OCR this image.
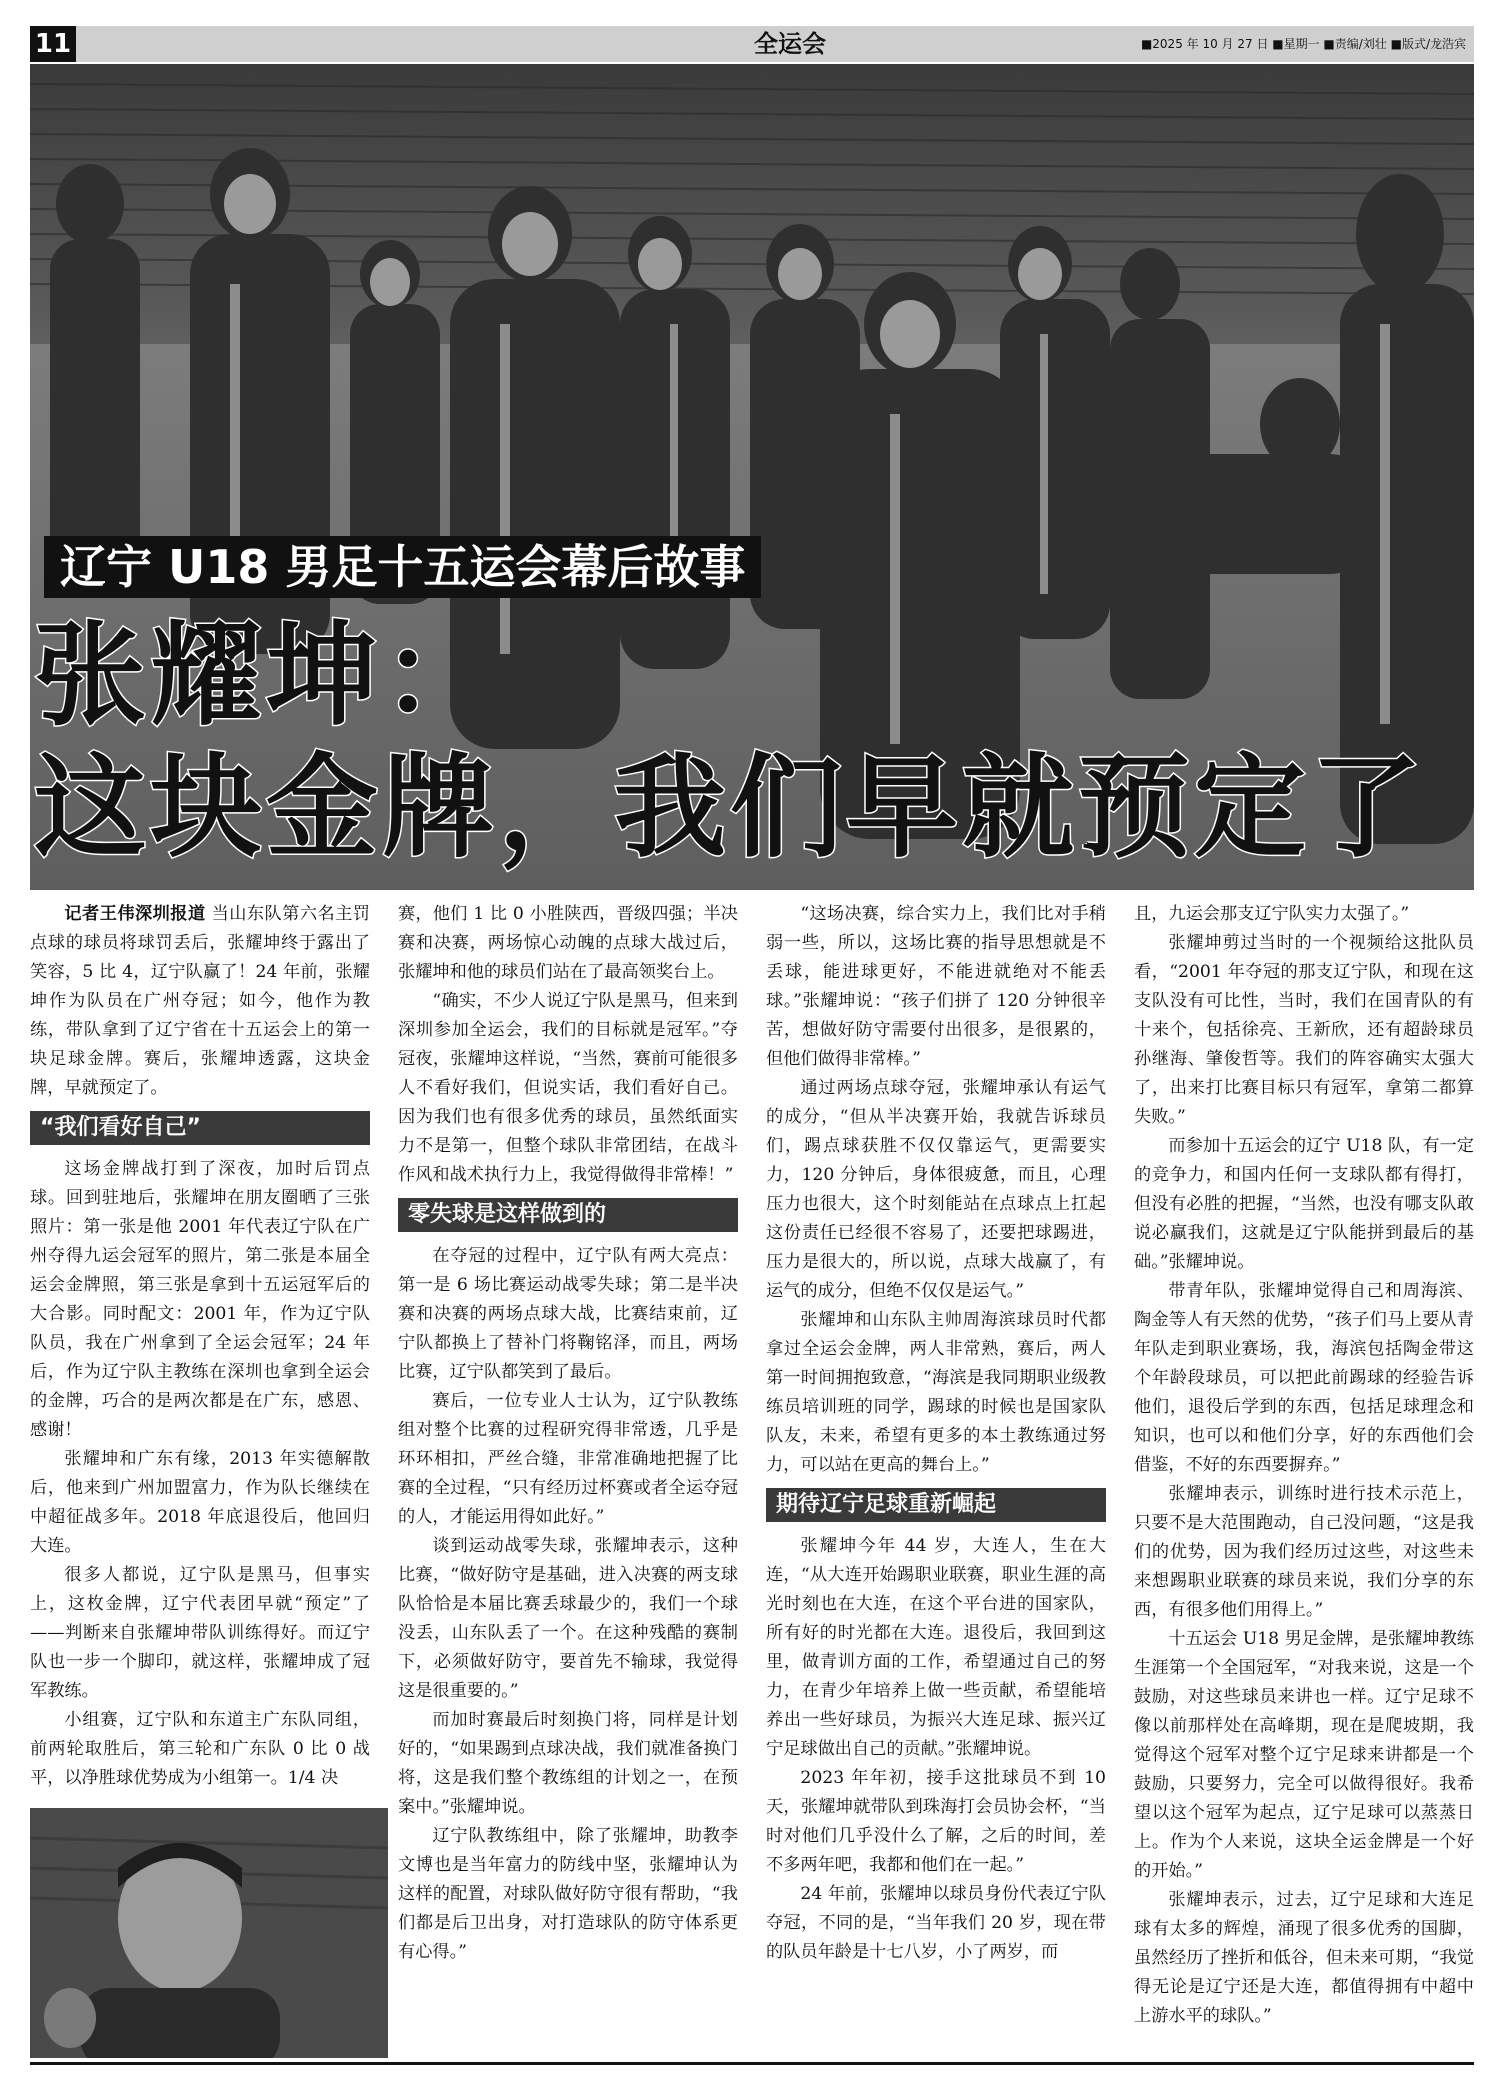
11	全运会	■2025 年 10 月 27 日 ■星期一 ■责编/刘壮 ■版式/龙浩宾
辽宁 U18 男足十五运会幕后故事
张耀坤：
这块金牌，我们早就预定了

记者王伟深圳报道 当山东队第六名主罚点球的球员将球罚丢后，张耀坤终于露出了笑容，5 比 4，辽宁队赢了！24 年前，张耀坤作为队员在广州夺冠；如今，他作为教练，带队拿到了辽宁省在十五运会上的第一块足球金牌。赛后，张耀坤透露，这块金牌，早就预定了。

“我们看好自己”

这场金牌战打到了深夜，加时后罚点球。回到驻地后，张耀坤在朋友圈晒了三张照片：第一张是他 2001 年代表辽宁队在广州夺得九运会冠军的照片，第二张是本届全运会金牌照，第三张是拿到十五运冠军后的大合影。同时配文：2001 年，作为辽宁队队员，我在广州拿到了全运会冠军；24 年后，作为辽宁队主教练在深圳也拿到全运会的金牌，巧合的是两次都是在广东，感恩、感谢！

张耀坤和广东有缘，2013 年实德解散后，他来到广州加盟富力，作为队长继续在中超征战多年。2018 年底退役后，他回归大连。

很多人都说，辽宁队是黑马，但事实上，这枚金牌，辽宁代表团早就“预定”了——判断来自张耀坤带队训练得好。而辽宁队也一步一个脚印，就这样，张耀坤成了冠军教练。

小组赛，辽宁队和东道主广东队同组，前两轮取胜后，第三轮和广东队 0 比 0 战平，以净胜球优势成为小组第一。1/4 决

赛，他们 1 比 0 小胜陕西，晋级四强；半决赛和决赛，两场惊心动魄的点球大战过后，张耀坤和他的球员们站在了最高领奖台上。

“确实，不少人说辽宁队是黑马，但来到深圳参加全运会，我们的目标就是冠军。”夺冠夜，张耀坤这样说，“当然，赛前可能很多人不看好我们，但说实话，我们看好自己。因为我们也有很多优秀的球员，虽然纸面实力不是第一，但整个球队非常团结，在战斗作风和战术执行力上，我觉得做得非常棒！”

零失球是这样做到的

在夺冠的过程中，辽宁队有两大亮点：第一是 6 场比赛运动战零失球；第二是半决赛和决赛的两场点球大战，比赛结束前，辽宁队都换上了替补门将鞠铭泽，而且，两场比赛，辽宁队都笑到了最后。

赛后，一位专业人士认为，辽宁队教练组对整个比赛的过程研究得非常透，几乎是环环相扣，严丝合缝，非常准确地把握了比赛的全过程，“只有经历过杯赛或者全运夺冠的人，才能运用得如此好。”

谈到运动战零失球，张耀坤表示，这种比赛，“做好防守是基础，进入决赛的两支球队恰恰是本届比赛丢球最少的，我们一个球没丢，山东队丢了一个。在这种残酷的赛制下，必须做好防守，要首先不输球，我觉得这是很重要的。”

而加时赛最后时刻换门将，同样是计划好的，“如果踢到点球决战，我们就准备换门将，这是我们整个教练组的计划之一，在预案中。”张耀坤说。

辽宁队教练组中，除了张耀坤，助教李文博也是当年富力的防线中坚，张耀坤认为这样的配置，对球队做好防守很有帮助，“我们都是后卫出身，对打造球队的防守体系更有心得。”

“这场决赛，综合实力上，我们比对手稍弱一些，所以，这场比赛的指导思想就是不丢球，能进球更好，不能进就绝对不能丢球。”张耀坤说：“孩子们拼了 120 分钟很辛苦，想做好防守需要付出很多，是很累的，但他们做得非常棒。”

通过两场点球夺冠，张耀坤承认有运气的成分，“但从半决赛开始，我就告诉球员们，踢点球获胜不仅仅靠运气，更需要实力，120 分钟后，身体很疲惫，而且，心理压力也很大，这个时刻能站在点球点上扛起这份责任已经很不容易了，还要把球踢进，压力是很大的，所以说，点球大战赢了，有运气的成分，但绝不仅仅是运气。”

张耀坤和山东队主帅周海滨球员时代都拿过全运会金牌，两人非常熟，赛后，两人第一时间拥抱致意，“海滨是我同期职业级教练员培训班的同学，踢球的时候也是国家队队友，未来，希望有更多的本土教练通过努力，可以站在更高的舞台上。”

期待辽宁足球重新崛起

张耀坤今年 44 岁，大连人，生在大连，“从大连开始踢职业联赛，职业生涯的高光时刻也在大连，在这个平台进的国家队，所有好的时光都在大连。退役后，我回到这里，做青训方面的工作，希望通过自己的努力，在青少年培养上做一些贡献，希望能培养出一些好球员，为振兴大连足球、振兴辽宁足球做出自己的贡献。”张耀坤说。

2023 年年初，接手这批球员不到 10 天，张耀坤就带队到珠海打会员协会杯，“当时对他们几乎没什么了解，之后的时间，差不多两年吧，我都和他们在一起。”

24 年前，张耀坤以球员身份代表辽宁队夺冠，不同的是，“当年我们 20 岁，现在带的队员年龄是十七八岁，小了两岁，而

且，九运会那支辽宁队实力太强了。”

张耀坤剪过当时的一个视频给这批队员看，“2001 年夺冠的那支辽宁队，和现在这支队没有可比性，当时，我们在国青队的有十来个，包括徐亮、王新欣，还有超龄球员孙继海、肇俊哲等。我们的阵容确实太强大了，出来打比赛目标只有冠军，拿第二都算失败。”

而参加十五运会的辽宁 U18 队，有一定的竞争力，和国内任何一支球队都有得打，但没有必胜的把握，“当然，也没有哪支队敢说必赢我们，这就是辽宁队能拼到最后的基础。”张耀坤说。

带青年队，张耀坤觉得自己和周海滨、陶金等人有天然的优势，“孩子们马上要从青年队走到职业赛场，我，海滨包括陶金带这个年龄段球员，可以把此前踢球的经验告诉他们，退役后学到的东西，包括足球理念和知识，也可以和他们分享，好的东西他们会借鉴，不好的东西要摒弃。”

张耀坤表示，训练时进行技术示范上，只要不是大范围跑动，自己没问题，“这是我们的优势，因为我们经历过这些，对这些未来想踢职业联赛的球员来说，我们分享的东西，有很多他们用得上。”

十五运会 U18 男足金牌，是张耀坤教练生涯第一个全国冠军，“对我来说，这是一个鼓励，对这些球员来讲也一样。辽宁足球不像以前那样处在高峰期，现在是爬坡期，我觉得这个冠军对整个辽宁足球来讲都是一个鼓励，只要努力，完全可以做得很好。我希望以这个冠军为起点，辽宁足球可以蒸蒸日上。作为个人来说，这块全运金牌是一个好的开始。”

张耀坤表示，过去，辽宁足球和大连足球有太多的辉煌，涌现了很多优秀的国脚，虽然经历了挫折和低谷，但未来可期，“我觉得无论是辽宁还是大连，都值得拥有中超中上游水平的球队。”
